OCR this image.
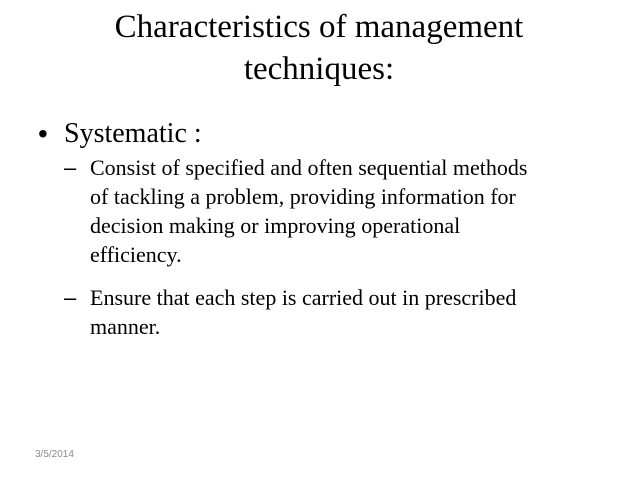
Characteristics of management
techniques:
• Systematic :
– Consist of specified and often sequential methods
of tackling a problem, providing information for
decision making or improving operational
efficiency.
– Ensure that each step is carried out in prescribed
manner.
3/5/2014
